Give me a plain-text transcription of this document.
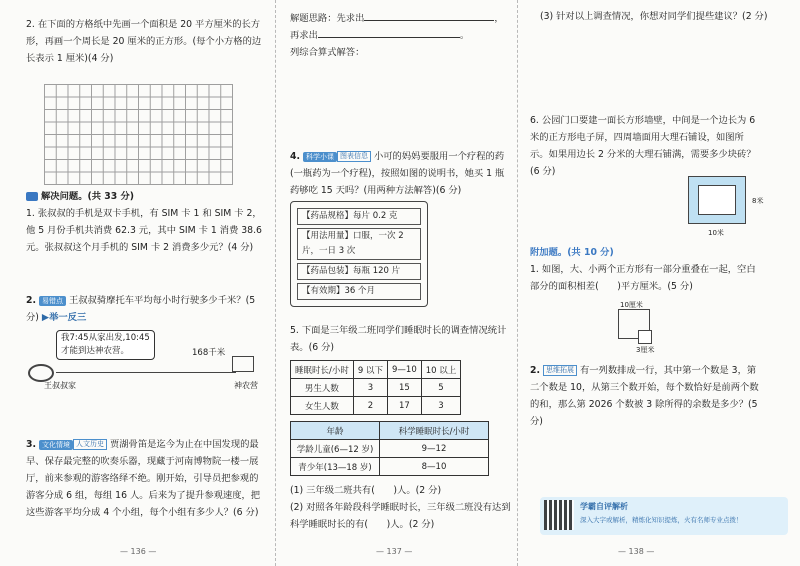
2. 在下面的方格纸中先画一个面积是 20 平方厘米的长方形，再画一个周长是 20 厘米的正方形。(每个小方格的边长表示 1 厘米)(4 分)

解决问题。(共 33 分)

1. 张叔叔的手机是双卡手机，有 SIM 卡 1 和 SIM 卡 2，他 5 月份手机共消费 62.3 元，其中 SIM 卡 1 消费 38.6 元。张叔叔这个月手机的 SIM 卡 2 消费多少元？(4 分)

2. 易错点 王叔叔骑摩托车平均每小时行驶多少千米？(5 分) ▶举一反三

我7:45从家出发,10:45
才能到达神农营。	168千米
王叔叔家	神农营

3. 文化情境 人文历史 贾湖骨笛是迄今为止在中国发现的最早、保存最完整的吹奏乐器，现藏于河南博物院一楼一展厅，前来参观的游客络绎不绝。刚开始，引导员把参观的游客分成 6 组，每组 16 人。后来为了提升参观速度，把这些游客平均分成 4 个小组，每个小组有多少人？(6 分)

— 136 —

解题思路：先求出	，

再求出	。

列综合算式解答：

4. 科学小课 图表信息 小可的妈妈要服用一个疗程的药(一瓶药为一个疗程)，按照如图的说明书，她买 1 瓶药够吃 15 天吗？(用两种方法解答)(6 分)

【药品规格】每片 0.2 克
【用法用量】口服，一次 2 片，一日 3 次
【药品包装】每瓶 120 片
【有效期】36 个月

5. 下面是三年级二班同学们睡眠时长的调查情况统计表。(6 分)

睡眠时长/小时	9 以下	9—10	10 以上
男生人数	3	15	5
女生人数	2	17	3
年龄	科学睡眠时长/小时
学龄儿童(6—12 岁)	9—12
青少年(13—18 岁)	8—10

(1) 三年级二班共有(　　)人。(2 分)

(2) 对照各年龄段科学睡眠时长，三年级二班没有达到科学睡眠时长的有(　　)人。(2 分)

— 137 —

(3) 针对以上调查情况，你想对同学们提些建议？(2 分)

6. 公园门口要建一面长方形墙壁，中间是一个边长为 6 米的正方形电子屏，四周墙面用大理石铺设，如图所示。如果用边长 2 分米的大理石铺满，需要多少块砖？(6 分)

8米
10米
附加题。(共 10 分)

1. 如图，大、小两个正方形有一部分重叠在一起，空白部分的面积相差(　　)平方厘米。(5 分)

10厘米
3厘米

2. 思维拓展 有一列数排成一行，其中第一个数是 3，第二个数是 10，从第三个数开始，每个数恰好是前两个数的和，那么第 2026 个数被 3 除所得的余数是多少？(5 分)

— 138 —
学霸自评解析
深入大字或解析，精炼化知识提炼，火有名师专业点拨！
